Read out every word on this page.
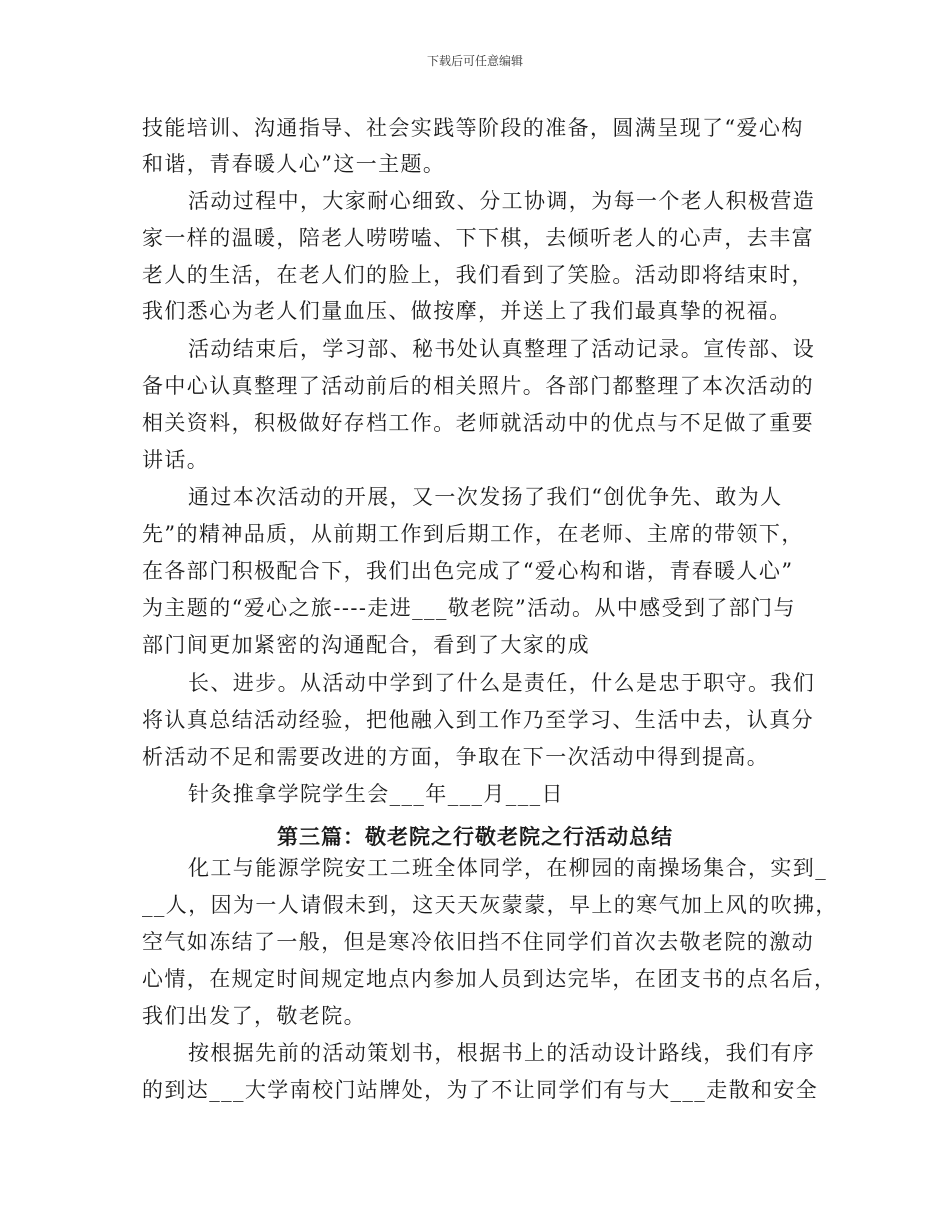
下载后可任意编辑
技能培训、沟通指导、社会实践等阶段的准备，圆满呈现了“爱心构
和谐，青春暖人心”这一主题。
活动过程中，大家耐心细致、分工协调，为每一个老人积极营造
家一样的温暖，陪老人唠唠嗑、下下棋，去倾听老人的心声，去丰富
老人的生活，在老人们的脸上，我们看到了笑脸。活动即将结束时，
我们悉心为老人们量血压、做按摩，并送上了我们最真挚的祝福。
活动结束后，学习部、秘书处认真整理了活动记录。宣传部、设
备中心认真整理了活动前后的相关照片。各部门都整理了本次活动的
相关资料，积极做好存档工作。老师就活动中的优点与不足做了重要
讲话。
通过本次活动的开展，又一次发扬了我们“创优争先、敢为人
先”的精神品质，从前期工作到后期工作，在老师、主席的带领下，
在各部门积极配合下，我们出色完成了“爱心构和谐，青春暖人心”
为主题的“爱心之旅----走进___敬老院”活动。从中感受到了部门与
部门间更加紧密的沟通配合，看到了大家的成
长、进步。从活动中学到了什么是责任，什么是忠于职守。我们
将认真总结活动经验，把他融入到工作乃至学习、生活中去，认真分
析活动不足和需要改进的方面，争取在下一次活动中得到提高。
针灸推拿学院学生会___年___月___日
第三篇：敬老院之行敬老院之行活动总结
化工与能源学院安工二班全体同学，在柳园的南操场集合，实到_
__人，因为一人请假未到，这天天灰蒙蒙，早上的寒气加上风的吹拂，
空气如冻结了一般，但是寒冷依旧挡不住同学们首次去敬老院的激动
心情，在规定时间规定地点内参加人员到达完毕，在团支书的点名后，
我们出发了，敬老院。
按根据先前的活动策划书，根据书上的活动设计路线，我们有序
的到达___大学南校门站牌处，为了不让同学们有与大___走散和安全
